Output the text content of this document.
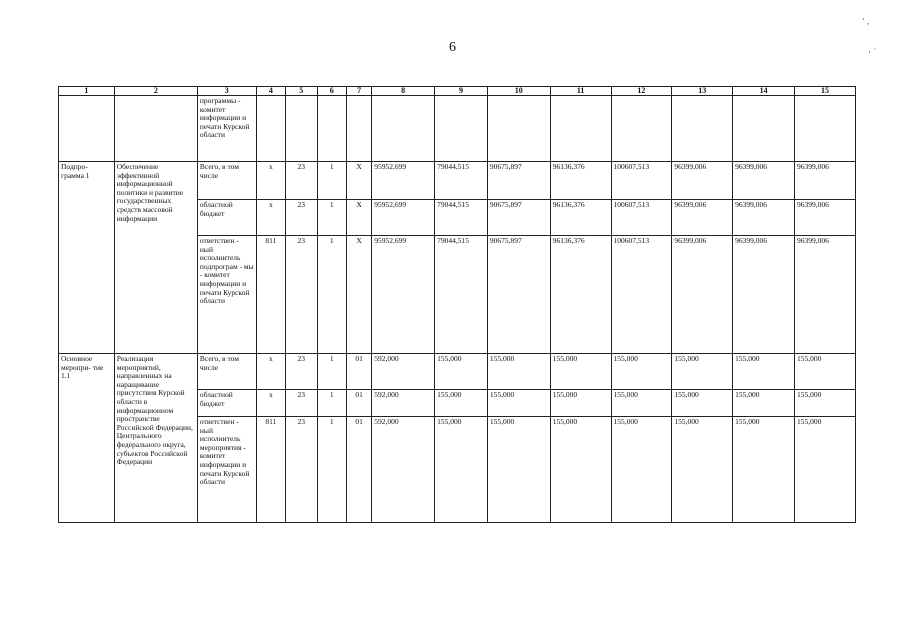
6
‘ ,
‚ ·
1	2	3	4	5	6	7	8	9	10	11	12	13	14	15
		программы - комитет информации и печати Курской области												
Подпро- грамма 1	Обеспечение эффективной информационной политики и развитие государственных средств массовой информации	Всего, в том числе	x	23	1	X	95952,699	79044,515	90675,897	96136,376	100607,513	96399,006	96399,006	96399,006
		областной бюджет	x	23	1	X	95952,699	79044,515	90675,897	96136,376	100607,513	96399,006	96399,006	96399,006
		ответствен - ный исполнитель подпрограм - мы - комитет информации и печати Курской области	811	23	1	X	95952,699	79044,515	90675,897	96136,376	100607,513	96399,006	96399,006	96399,006
Основное меропри- тие 1.1	Реализация мероприятий, направленных на наращивание присутствия Курской области в информационном пространстве Российской Федерации, Центрального федерального округа, субъектов Российской Федерации	Всего, в том числе	x	23	1	01	592,000	155,000	155,000	155,000	155,000	155,000	155,000	155,000
		областной бюджет	x	23	1	01	592,000	155,000	155,000	155,000	155,000	155,000	155,000	155,000
		ответствен - ный исполнитель мероприятия - комитет информации и печати Курской области	811	23	1	01	592,000	155,000	155,000	155,000	155,000	155,000	155,000	155,000
